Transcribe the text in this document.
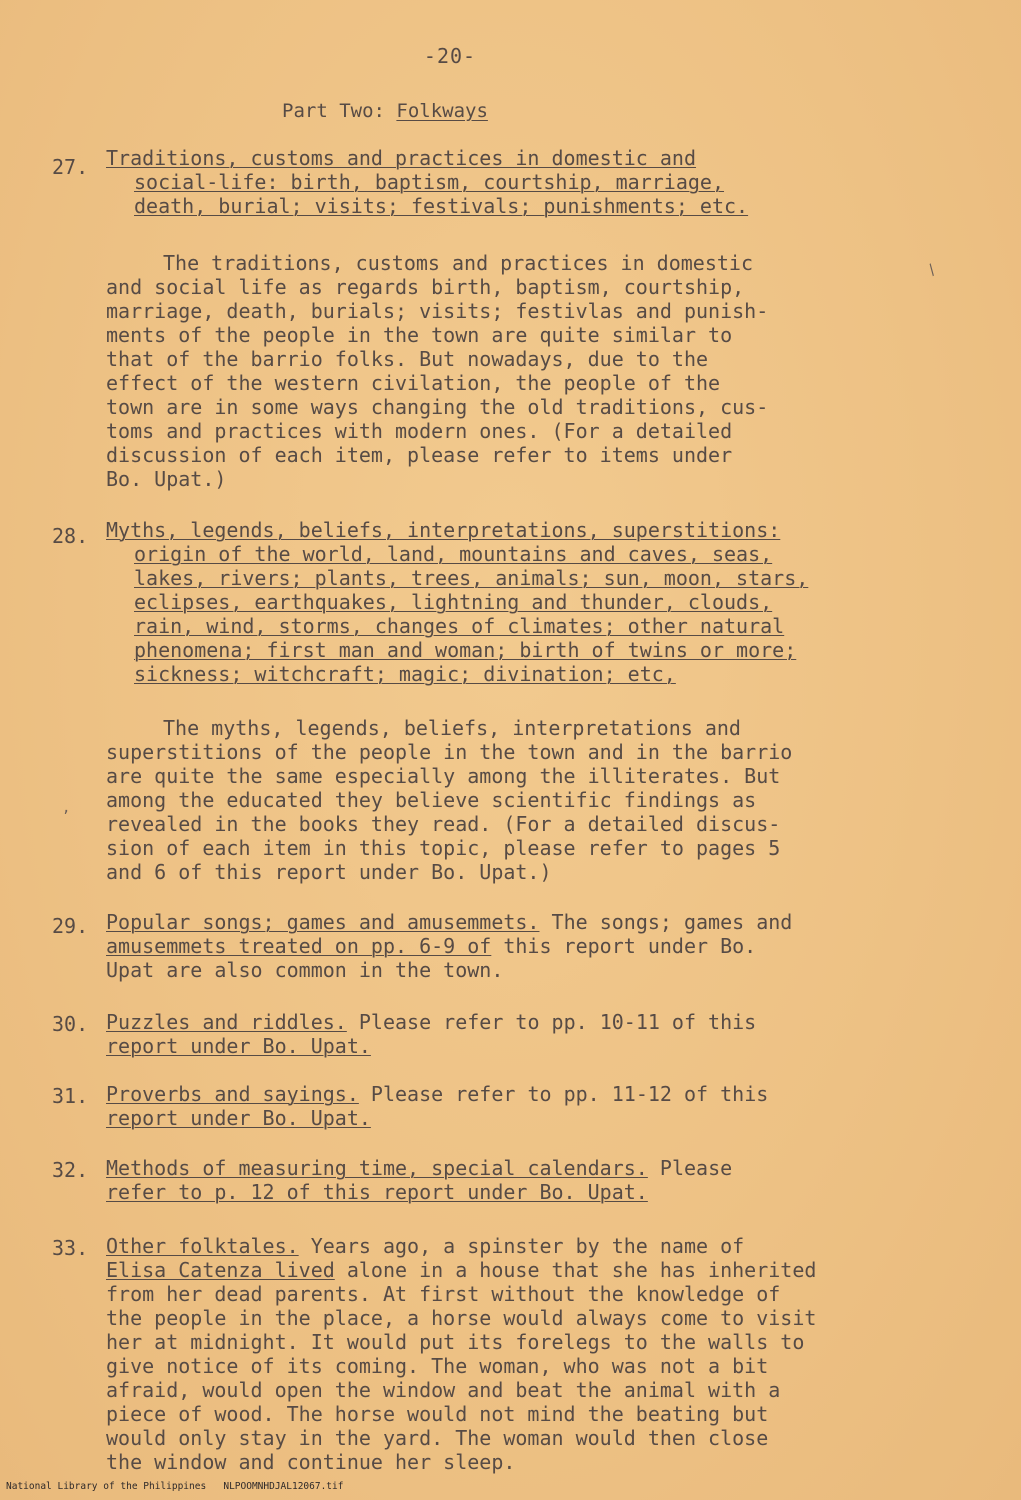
-20-
Part Two: Folkways
27. Traditions, customs and practices in domestic and
social-life: birth, baptism, courtship, marriage,
death, burial; visits; festivals; punishments; etc.
The traditions, customs and practices in domestic
and social life as regards birth, baptism, courtship,
marriage, death, burials; visits; festivlas and punish-
ments of the people in the town are quite similar to
that of the barrio folks. But nowadays, due to the
effect of the western civilation, the people of the
town are in some ways changing the old traditions, cus-
toms and practices with modern ones. (For a detailed
discussion of each item, please refer to items under
Bo. Upat.)
28. Myths, legends, beliefs, interpretations, superstitions:
origin of the world, land, mountains and caves, seas,
lakes, rivers; plants, trees, animals; sun, moon, stars,
eclipses, earthquakes, lightning and thunder, clouds,
rain, wind, storms, changes of climates; other natural
phenomena; first man and woman; birth of twins or more;
sickness; witchcraft; magic; divination; etc,
The myths, legends, beliefs, interpretations and
superstitions of the people in the town and in the barrio
are quite the same especially among the illiterates. But
among the educated they believe scientific findings as
revealed in the books they read. (For a detailed discus-
sion of each item in this topic, please refer to pages 5
and 6 of this report under Bo. Upat.)
29. Popular songs; games and amusemmets. The songs; games and
amusemmets treated on pp. 6-9 of this report under Bo.
Upat are also common in the town.
30. Puzzles and riddles. Please refer to pp. 10-11 of this
report under Bo. Upat.
31. Proverbs and sayings. Please refer to pp. 11-12 of this
report under Bo. Upat.
32. Methods of measuring time, special calendars. Please
refer to p. 12 of this report under Bo. Upat.
33. Other folktales. Years ago, a spinster by the name of
Elisa Catenza lived alone in a house that she has inherited
from her dead parents. At first without the knowledge of
the people in the place, a horse would always come to visit
her at midnight. It would put its forelegs to the walls to
give notice of its coming. The woman, who was not a bit
afraid, would open the window and beat the animal with a
piece of wood. The horse would not mind the beating but
would only stay in the yard. The woman would then close
the window and continue her sleep.
/
,
National Library of the Philippines NLPOOMNHDJAL12067.tif
